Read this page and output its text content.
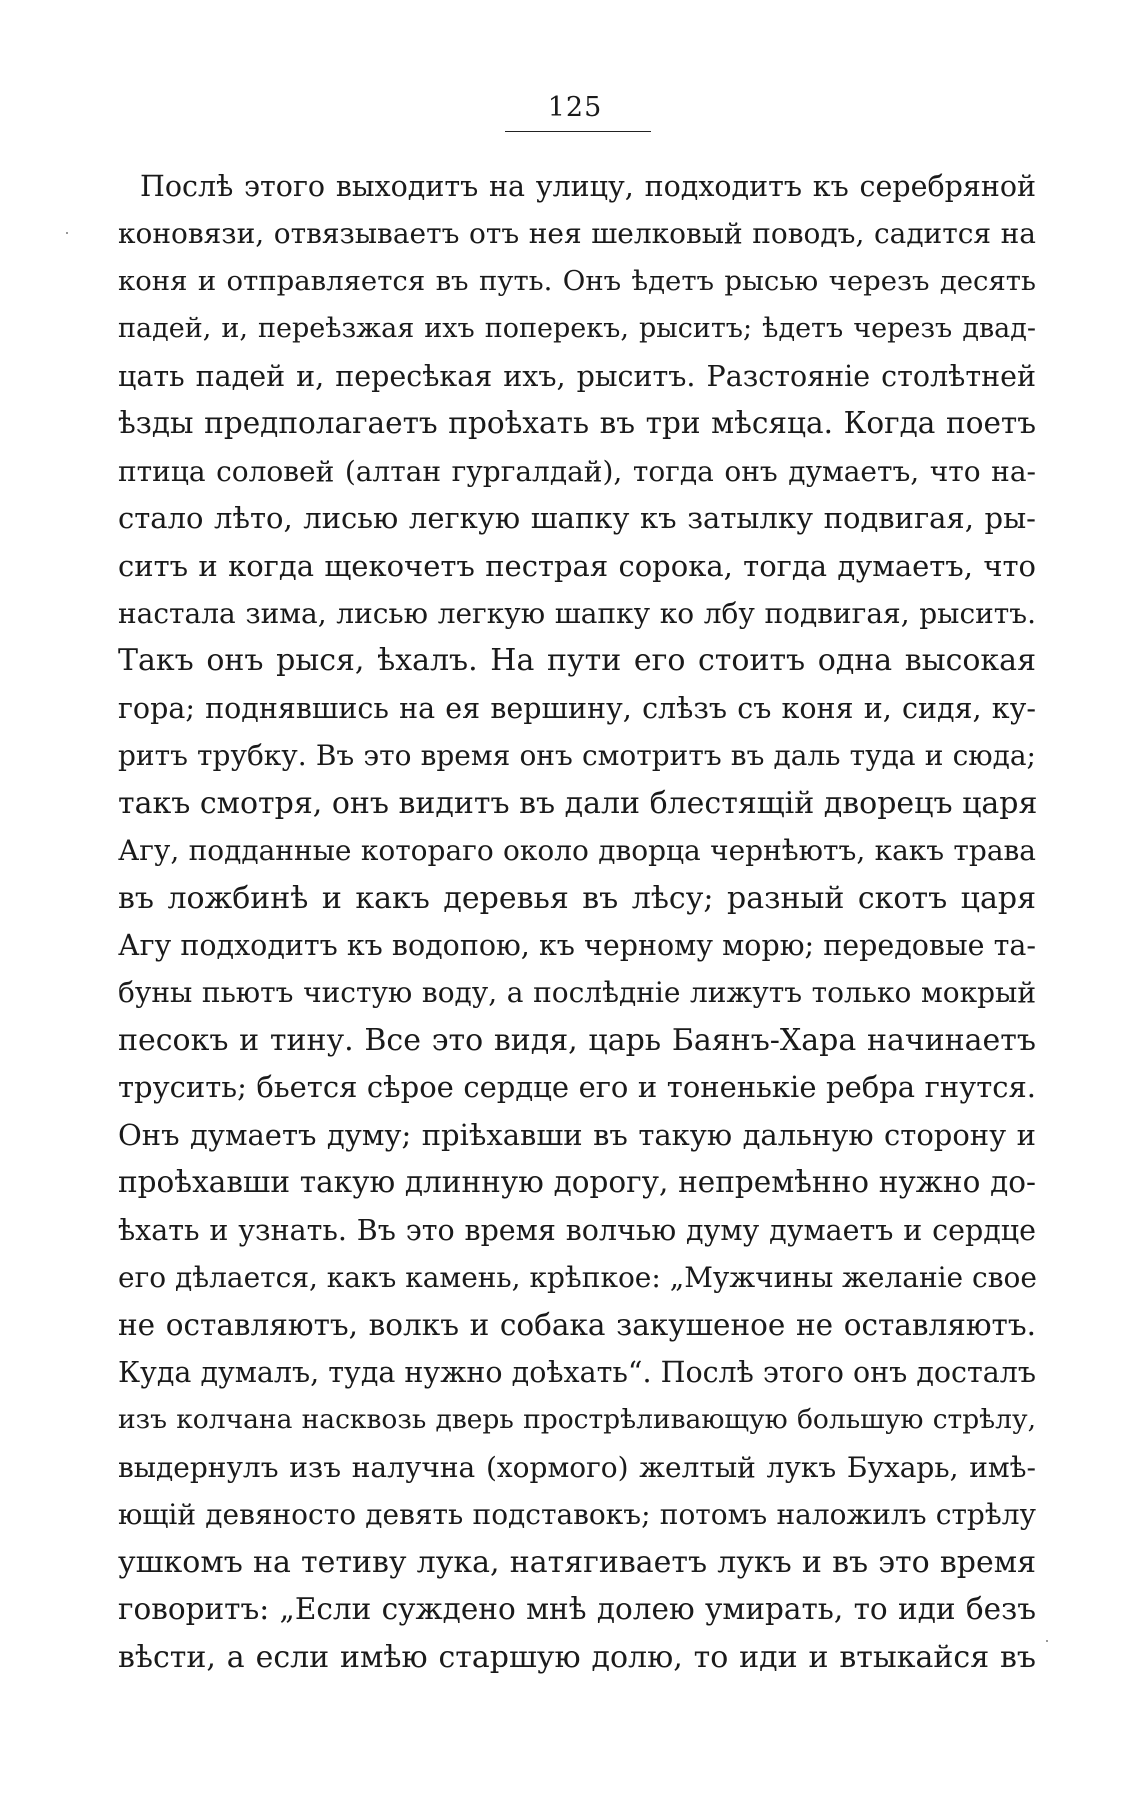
125
Послѣ этого выходитъ на улицу, подходитъ къ серебряной
коновязи, отвязываетъ отъ нея шелковый поводъ, садится на
коня и отправляется въ путь. Онъ ѣдетъ рысью черезъ десять
падей, и, переѣзжая ихъ поперекъ, рыситъ; ѣдетъ черезъ двад-
цать падей и, пересѣкая ихъ, рыситъ. Разстояніе столѣтней
ѣзды предполагаетъ проѣхать въ три мѣсяца. Когда поетъ
птица соловей (алтан гургалдай), тогда онъ думаетъ, что на-
стало лѣто, лисью легкую шапку къ затылку подвигая, ры-
ситъ и когда щекочетъ пестрая сорока, тогда думаетъ, что
настала зима, лисью легкую шапку ко лбу подвигая, рыситъ.
Такъ онъ рыся, ѣхалъ. На пути его стоитъ одна высокая
гора; поднявшись на ея вершину, слѣзъ съ коня и, сидя, ку-
ритъ трубку. Въ это время онъ смотритъ въ даль туда и сюда;
такъ смотря, онъ видитъ въ дали блестящій дворецъ царя
Агу, подданные котораго около дворца чернѣютъ, какъ трава
въ ложбинѣ и какъ деревья въ лѣсу; разный скотъ царя
Агу подходитъ къ водопою, къ черному морю; передовые та-
буны пьютъ чистую воду, а послѣдніе лижутъ только мокрый
песокъ и тину. Все это видя, царь Баянъ-Хара начинаетъ
трусить; бьется сѣрое сердце его и тоненькіе ребра гнутся.
Онъ думаетъ думу; пріѣхавши въ такую дальную сторону и
проѣхавши такую длинную дорогу, непремѣнно нужно до-
ѣхать и узнать. Въ это время волчью думу думаетъ и сердце
его дѣлается, какъ камень, крѣпкое: „Мужчины желаніе свое
не оставляютъ, волкъ и собака закушеное не оставляютъ.
Куда думалъ, туда нужно доѣхать“. Послѣ этого онъ досталъ
изъ колчана насквозь дверь прострѣливающую большую стрѣлу,
выдернулъ изъ налучна (хормого) желтый лукъ Бухарь, имѣ-
ющій девяносто девять подставокъ; потомъ наложилъ стрѣлу
ушкомъ на тетиву лука, натягиваетъ лукъ и въ это время
говоритъ: „Если суждено мнѣ долею умирать, то иди безъ
вѣсти, а если имѣю старшую долю, то иди и втыкайся въ
